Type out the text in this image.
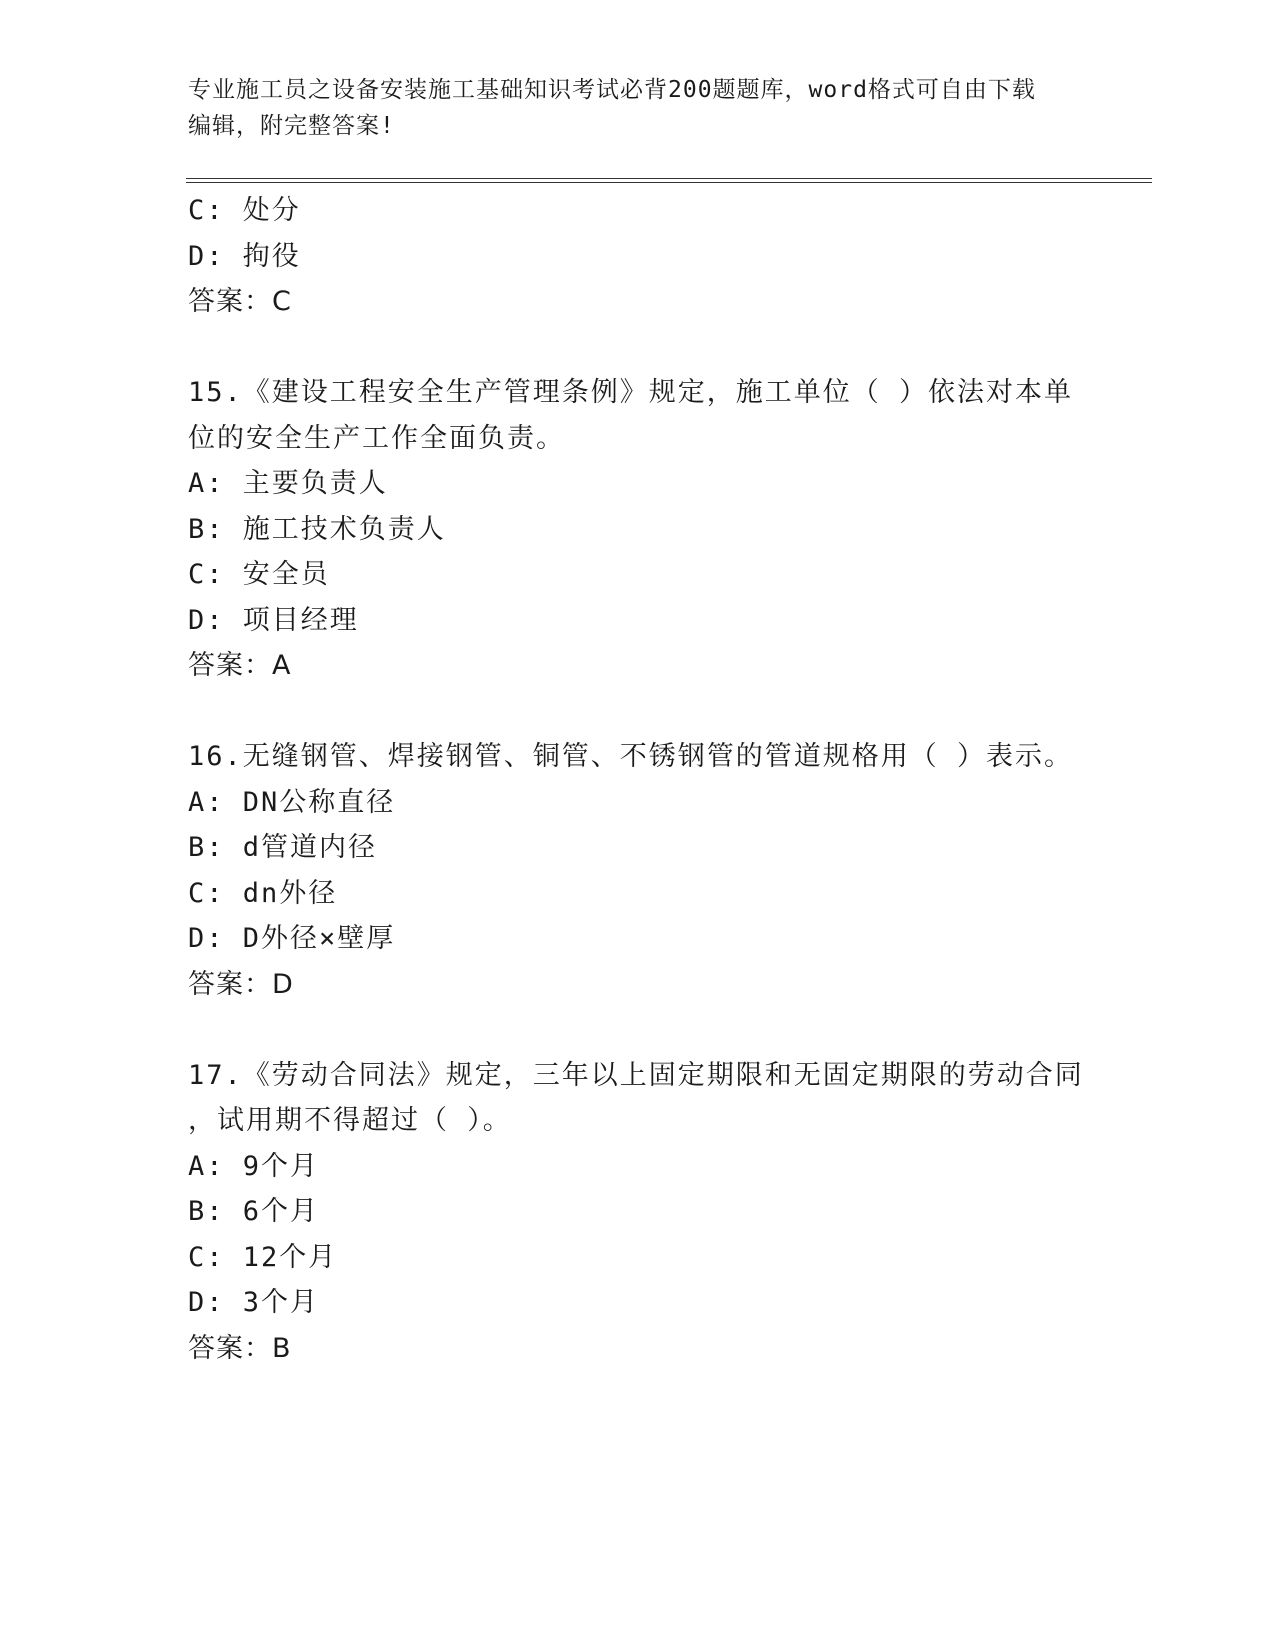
专业施工员之设备安装施工基础知识考试必背200题题库，word格式可自由下载
编辑，附完整答案!
C: 处分
D: 拘役
答案：C
15.《建设工程安全生产管理条例》规定，施工单位（ ）依法对本单
位的安全生产工作全面负责。
A: 主要负责人
B: 施工技术负责人
C: 安全员
D: 项目经理
答案：A
16.无缝钢管、焊接钢管、铜管、不锈钢管的管道规格用（ ）表示。
A: DN公称直径
B: d管道内径
C: dn外径
D: D外径×壁厚
答案：D
17.《劳动合同法》规定，三年以上固定期限和无固定期限的劳动合同
，试用期不得超过（ ）。
A: 9个月
B: 6个月
C: 12个月
D: 3个月
答案：B
